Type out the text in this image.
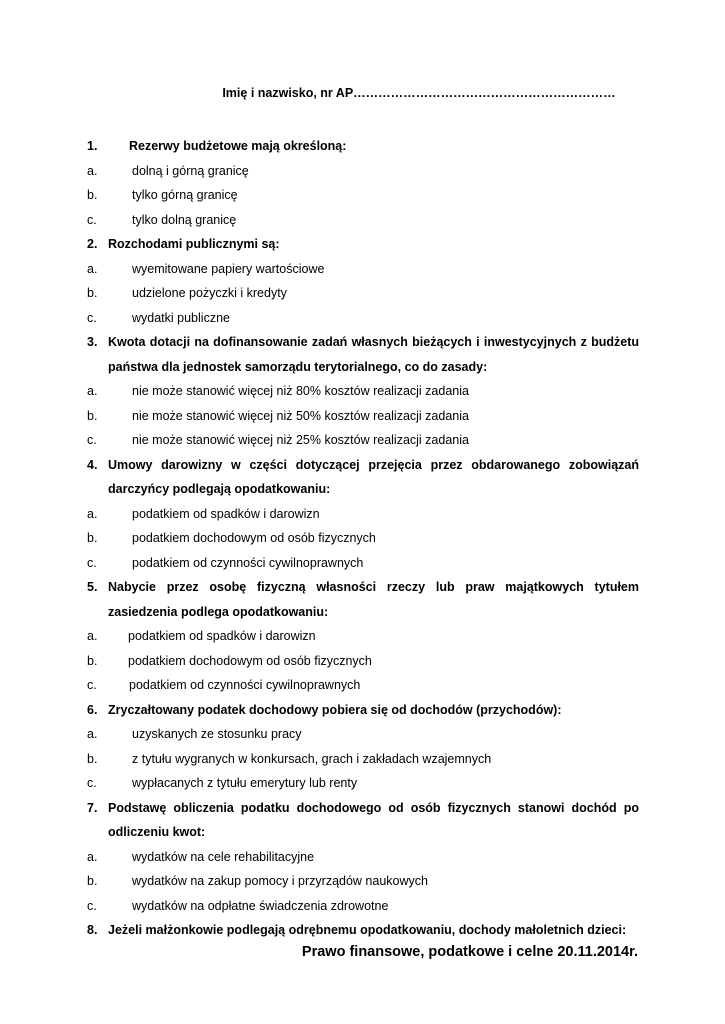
Imię i nazwisko, nr AP………………………………………………………
1.	Rezerwy budżetowe mają określoną:
a.	dolną i górną granicę
b.	tylko górną granicę
c.	tylko dolną granicę
2. Rozchodami publicznymi są:
a.	wyemitowane papiery wartościowe
b.	udzielone pożyczki i kredyty
c.	wydatki publiczne
3. Kwota dotacji na dofinansowanie zadań własnych bieżących i inwestycyjnych z budżetu państwa dla jednostek samorządu terytorialnego, co do zasady:
a.	nie może stanowić więcej niż 80% kosztów realizacji zadania
b.	nie może stanowić więcej niż 50% kosztów realizacji zadania
c.	nie może stanowić więcej niż 25% kosztów realizacji zadania
4. Umowy darowizny w części dotyczącej przejęcia przez obdarowanego zobowiązań darczyńcy podlegają opodatkowaniu:
a.	podatkiem od spadków i darowizn
b.	podatkiem dochodowym od osób fizycznych
c.	podatkiem od czynności cywilnoprawnych
5. Nabycie przez osobę fizyczną własności rzeczy lub praw majątkowych tytułem zasiedzenia podlega opodatkowaniu:
a.	podatkiem od spadków i darowizn
b.	podatkiem dochodowym od osób fizycznych
c.	podatkiem od czynności cywilnoprawnych
6. Zryczałtowany podatek dochodowy pobiera się od dochodów (przychodów):
a.	uzyskanych ze stosunku pracy
b.	z tytułu wygranych w konkursach, grach i zakładach wzajemnych
c.	wypłacanych z tytułu emerytury lub renty
7. Podstawę obliczenia podatku dochodowego od osób fizycznych stanowi dochód po odliczeniu kwot:
a.	wydatków na cele rehabilitacyjne
b.	wydatków na zakup pomocy i przyrządów naukowych
c.	wydatków na odpłatne świadczenia zdrowotne
8. Jeżeli małżonkowie podlegają odrębnemu opodatkowaniu, dochody małoletnich dzieci:
Prawo finansowe, podatkowe i celne 20.11.2014r.
